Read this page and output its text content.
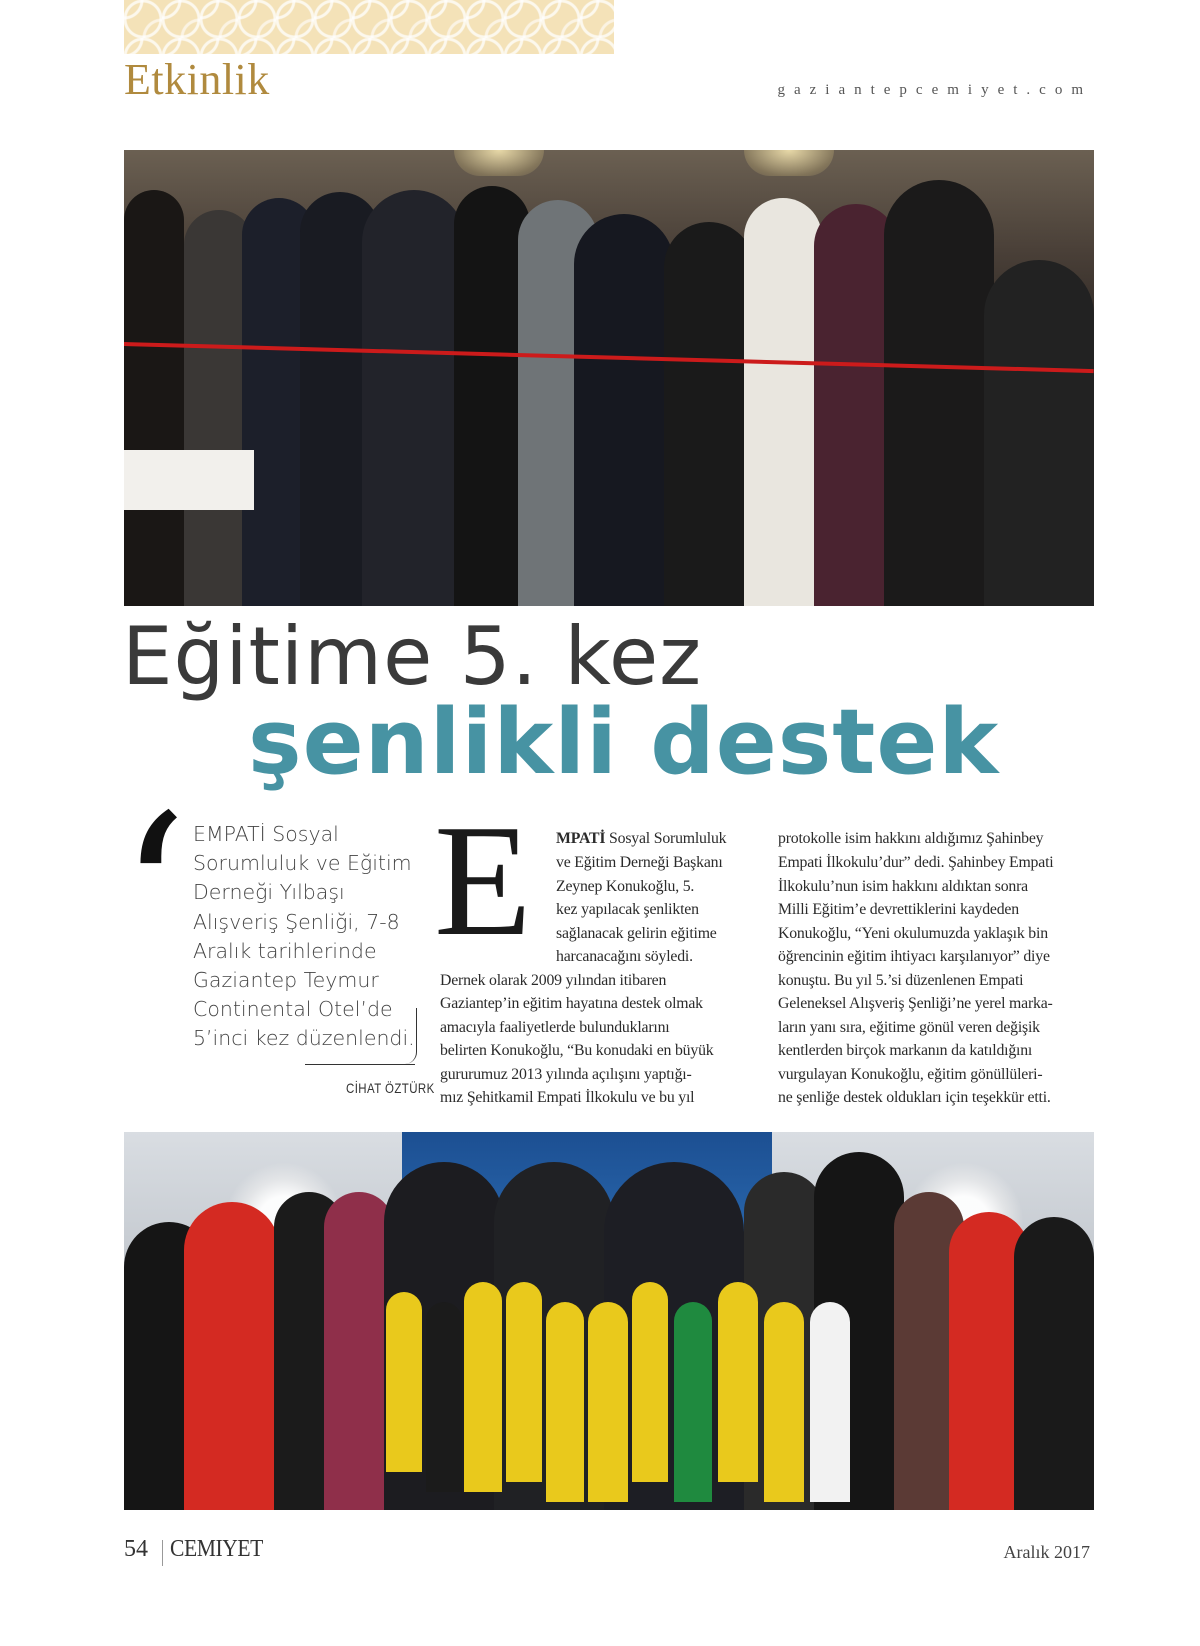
Etkinlik	gaziantepcemiyet.com
Eğitime 5. kez
şenlikli destek
‘ EMPATİ Sosyal Sorumluluk ve Eğitim Derneği Yılbaşı Alışveriş Şenliği, 7-8 Aralık tarihlerinde Gaziantep Teymur Continental Otel’de 5’inci kez düzenlendi.
CİHAT ÖZTÜRK
E MPATİ Sosyal Sorumluluk
ve Eğitim Derneği Başkanı
Zeynep Konukoğlu, 5.
kez yapılacak şenlikten
sağlanacak gelirin eğitime
harcanacağını söyledi.
Dernek olarak 2009 yılından itibaren
Gaziantep’in eğitim hayatına destek olmak
amacıyla faaliyetlerde bulunduklarını
belirten Konukoğlu, “Bu konudaki en büyük
gururumuz 2013 yılında açılışını yaptığı-
mız Şehitkamil Empati İlkokulu ve bu yıl
protokolle isim hakkını aldığımız Şahinbey
Empati İlkokulu’dur” dedi. Şahinbey Empati
İlkokulu’nun isim hakkını aldıktan sonra
Milli Eğitim’e devrettiklerini kaydeden
Konukoğlu, “Yeni okulumuzda yaklaşık bin
öğrencinin eğitim ihtiyacı karşılanıyor” diye
konuştu. Bu yıl 5.’si düzenlenen Empati
Geleneksel Alışveriş Şenliği’ne yerel marka-
ların yanı sıra, eğitime gönül veren değişik
kentlerden birçok markanın da katıldığını
vurgulayan Konukoğlu, eğitim gönüllüleri-
ne şenliğe destek oldukları için teşekkür etti.
54 CEMIYET	Aralık 2017
